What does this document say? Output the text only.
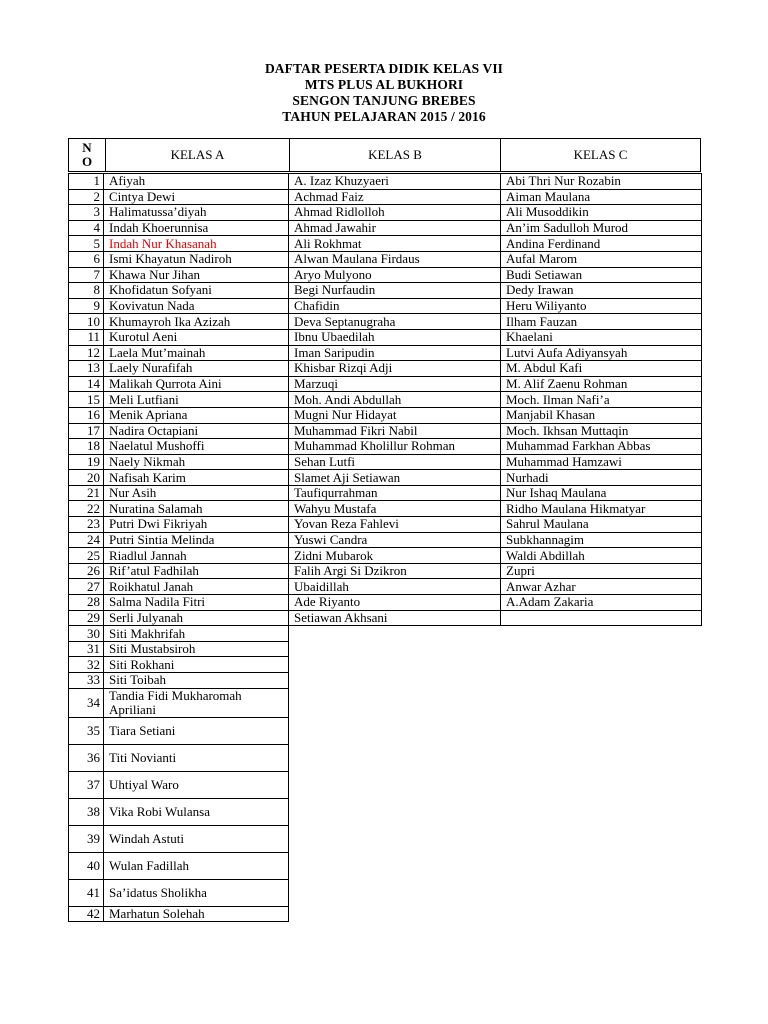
DAFTAR PESERTA DIDIK KELAS VII
MTS PLUS AL BUKHORI
SENGON TANJUNG BREBES
TAHUN PELAJARAN 2015 / 2016
N
O	KELAS A	KELAS B	KELAS C
1	Afiyah	A. Izaz Khuzyaeri	Abi Thri Nur Rozabin
2	Cintya Dewi	Achmad Faiz	Aiman Maulana
3	Halimatussa’diyah	Ahmad Ridlolloh	Ali Musoddikin
4	Indah Khoerunnisa	Ahmad Jawahir	An’im Sadulloh Murod
5	Indah Nur Khasanah	Ali Rokhmat	Andina Ferdinand
6	Ismi Khayatun Nadiroh	Alwan Maulana Firdaus	Aufal Marom
7	Khawa Nur Jihan	Aryo Mulyono	Budi Setiawan
8	Khofidatun Sofyani	Begi Nurfaudin	Dedy Irawan
9	Kovivatun Nada	Chafidin	Heru Wiliyanto
10	Khumayroh Ika Azizah	Deva Septanugraha	Ilham Fauzan
11	Kurotul Aeni	Ibnu Ubaedilah	Khaelani
12	Laela Mut’mainah	Iman Saripudin	Lutvi Aufa Adiyansyah
13	Laely Nurafifah	Khisbar Rizqi Adji	M. Abdul Kafi
14	Malikah Qurrota Aini	Marzuqi	M. Alif Zaenu Rohman
15	Meli Lutfiani	Moh. Andi Abdullah	Moch. Ilman Nafi’a
16	Menik Apriana	Mugni Nur Hidayat	Manjabil Khasan
17	Nadira Octapiani	Muhammad Fikri Nabil	Moch. Ikhsan Muttaqin
18	Naelatul Mushoffi	Muhammad Kholillur Rohman	Muhammad Farkhan Abbas
19	Naely Nikmah	Sehan Lutfi	Muhammad Hamzawi
20	Nafisah Karim	Slamet Aji Setiawan	Nurhadi
21	Nur Asih	Taufiqurrahman	Nur Ishaq Maulana
22	Nuratina Salamah	Wahyu Mustafa	Ridho Maulana Hikmatyar
23	Putri Dwi Fikriyah	Yovan Reza Fahlevi	Sahrul Maulana
24	Putri Sintia Melinda	Yuswi Candra	Subkhannagim
25	Riadlul Jannah	Zidni Mubarok	Waldi Abdillah
26	Rif’atul Fadhilah	Falih Argi Si Dzikron	Zupri
27	Roikhatul Janah	Ubaidillah	Anwar Azhar
28	Salma Nadila Fitri	Ade Riyanto	A.Adam Zakaria
29	Serli Julyanah	Setiawan Akhsani	
30	Siti Makhrifah		
31	Siti Mustabsiroh		
32	Siti Rokhani		
33	Siti Toibah		
34	Tandia Fidi Mukharomah Apriliani		
35	Tiara Setiani		
36	Titi Novianti		
37	Uhtiyal Waro		
38	Vika Robi Wulansa		
39	Windah Astuti		
40	Wulan Fadillah		
41	Sa’idatus Sholikha		
42	Marhatun Solehah		
